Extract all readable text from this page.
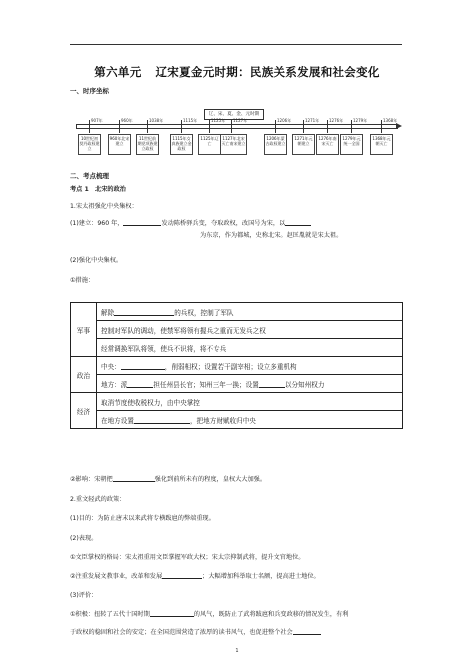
第六单元 辽宋夏金元时期：民族关系发展和社会变化
一、时序坐标
辽、宋、夏、金、元时期
907年
10世纪初契丹政权建立
960年
960年北宋建立
1038年
11世纪前期党项族建立政权
1115年
1115年女真族建立金政权
1125年
1125年辽亡
1127年
1127年北宋灭亡南宋建立
1206年
1206年蒙古政权建立
1271年
1271年元朝建立
1276年
1276年南宋灭亡
1279年
1279年元统一全国
1368年
1368年元朝灭亡
二、考点梳理
考点 1　北宋的政治
1.宋太祖强化中央集权：
(1)建立：960 年，	发动陈桥驿兵变，夺取政权，改国号为宋，以
为东京，作为都城，史称北宋。赵匡胤就是宋太祖。
(2)强化中央集权。
①措施：
军事	解除 的兵权，控制了军队
	控制对军队的调动，使禁军将领有握兵之重而无发兵之权
	经常调换军队将领，使兵不识将，将不专兵
政治	中央： ，削弱相权；设置若干副宰相；设立多重机构
	地方：派 担任州县长官；知州三年一换；设置 以分知州权力
经济	取消节度使收税权力，由中央掌控
	在地方设置 ，把地方财赋收归中央
②影响：宋朝把	强化到前所未有的程度，皇权大大加强。
2.重文轻武的政策：
(1)目的：为防止唐末以来武将专横跋扈的弊端重现。
(2)表现。
①文臣掌权的格局：宋太祖重用文臣掌握军政大权；宋太宗抑制武将，提升文官地位。
②注重发展文教事业，改革和发展	；大幅增加科举取士名额，提高进士地位。
(3)评价：
①积极：扭转了五代十国时期	的风气，既防止了武将跋扈和兵变政移的情况发生，有利
于政权的稳固和社会的安定；在全国范围营造了浓厚的读书风气，也促进整个社会
1
